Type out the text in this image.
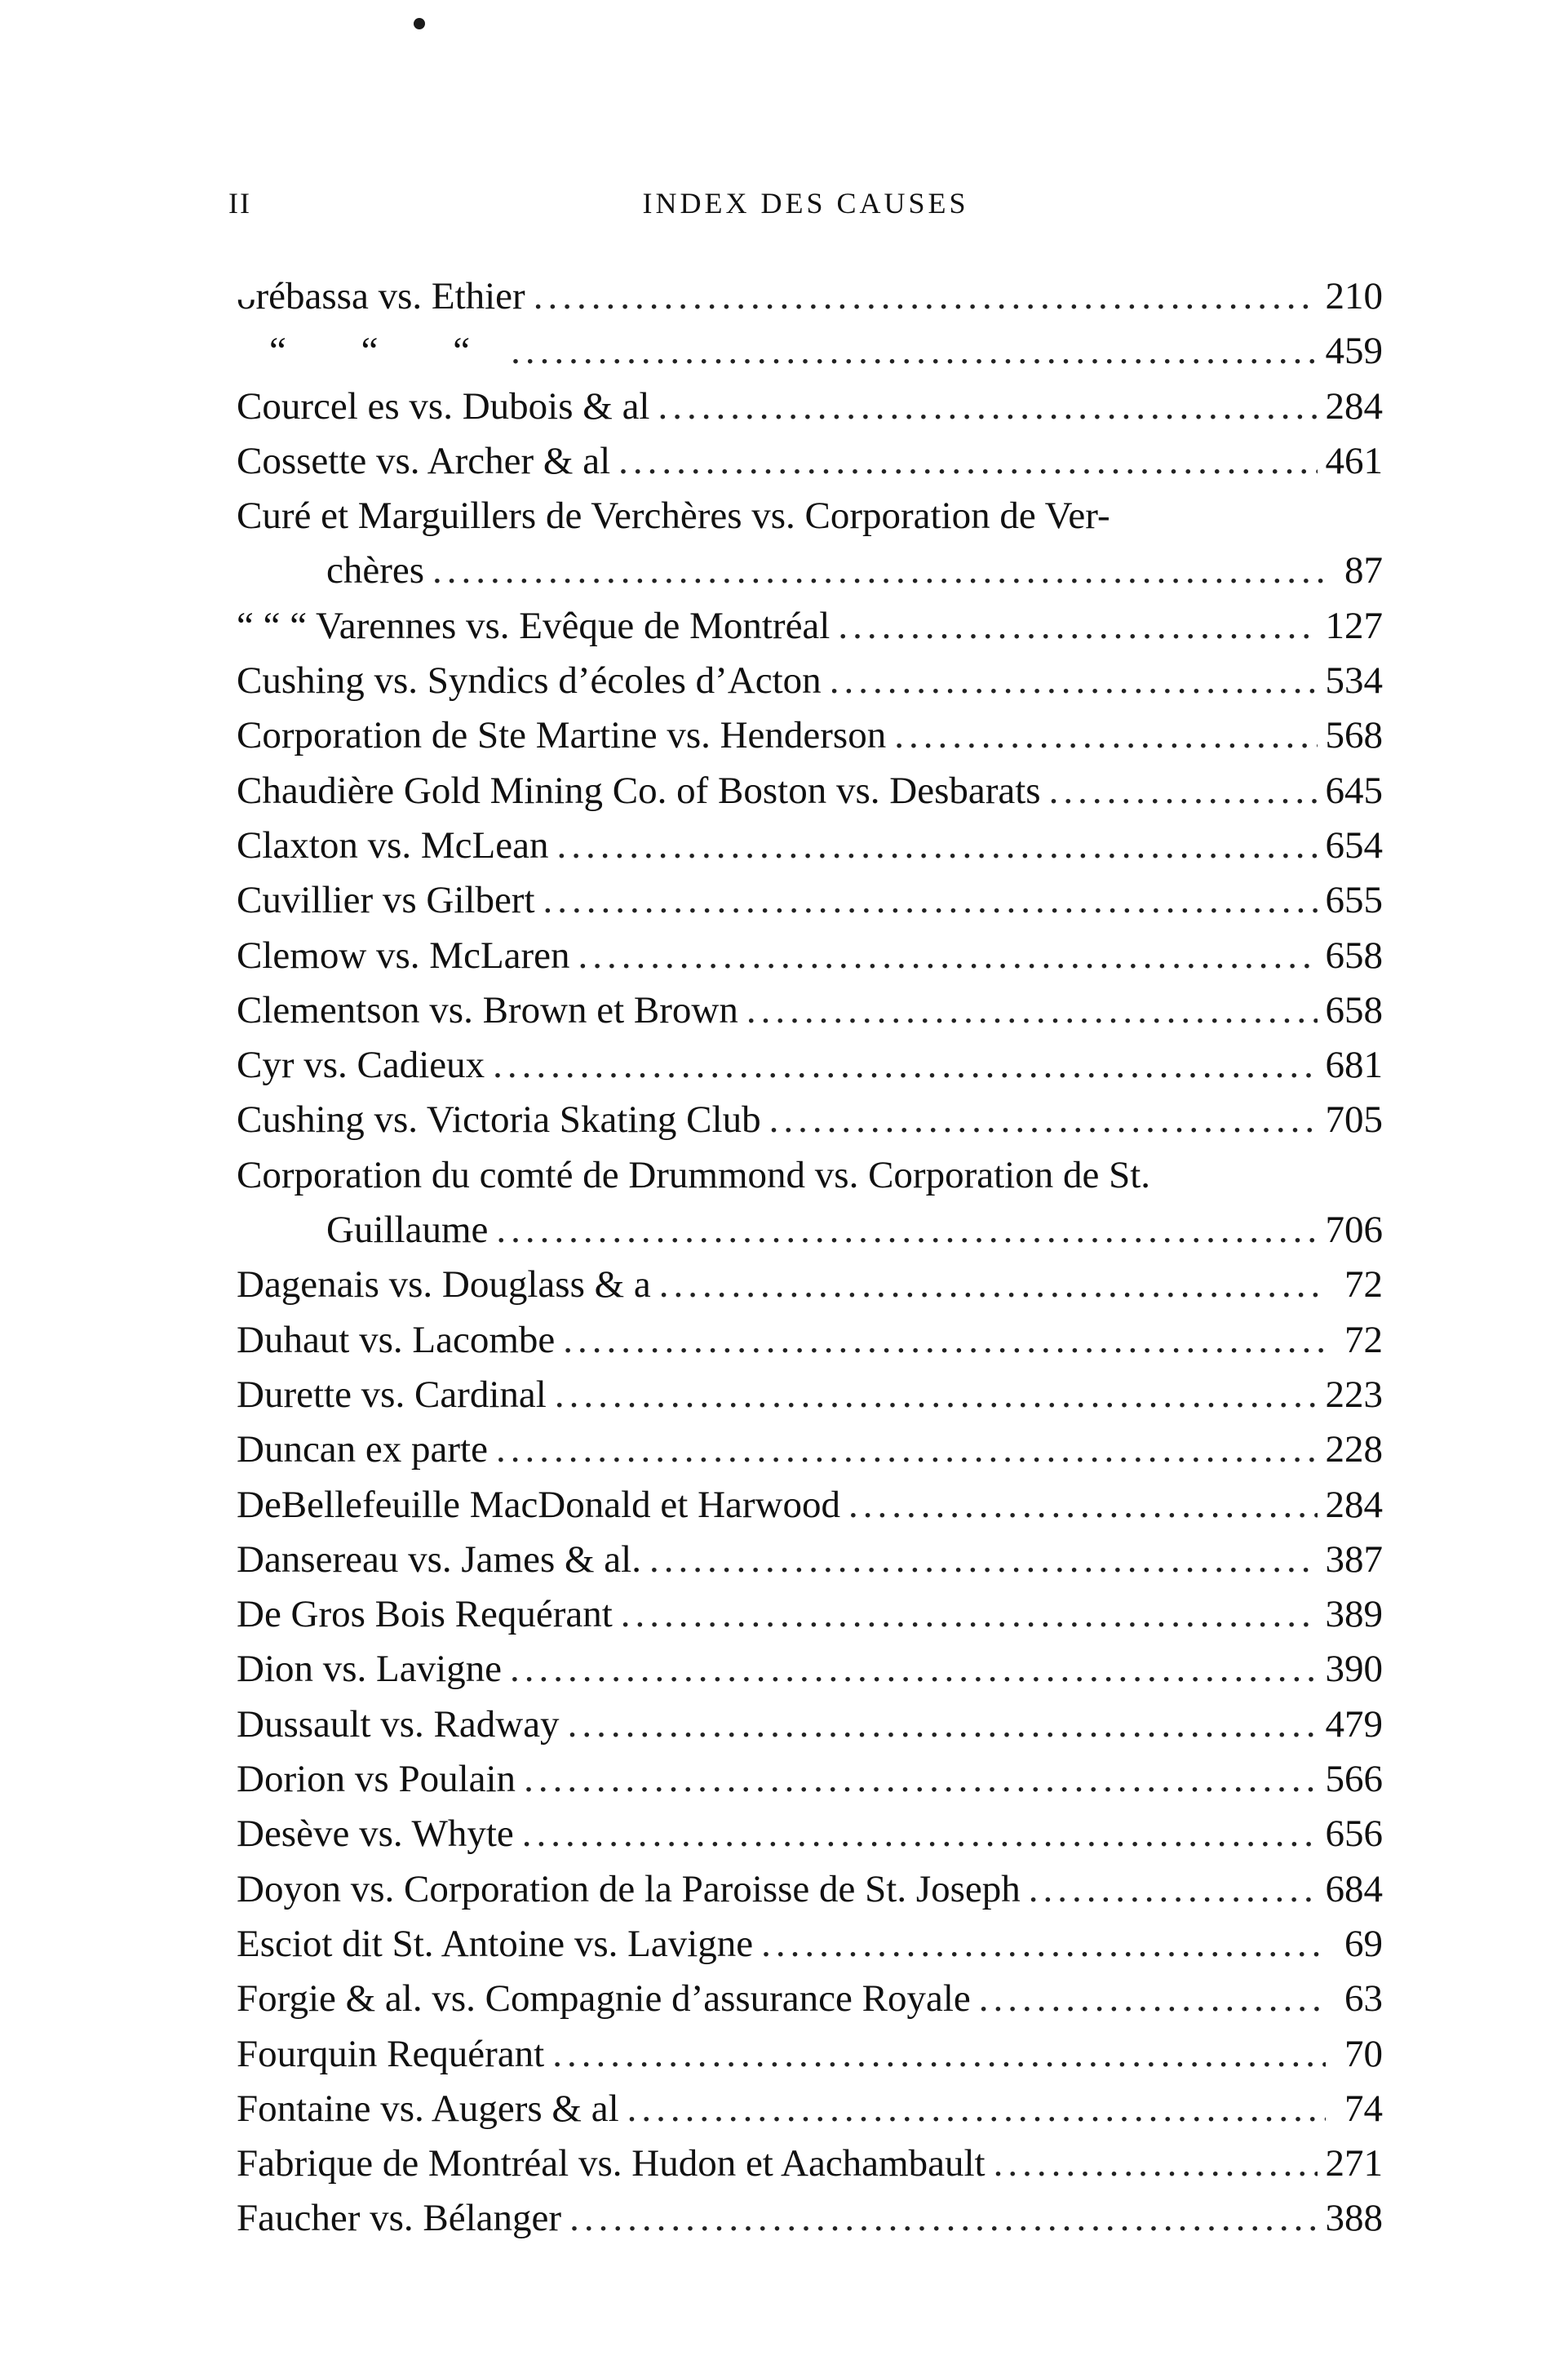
II	INDEX DES CAUSES
ᴗrébassa vs. Ethier .....	210
“ “ “ .....	459
Courcel es vs. Dubois & al .....	284
Cossette vs. Archer & al .....	461
Curé et Marguillers de Verchères vs. Corporation de Ver-
chères .....	87
“ “ “ Varennes vs. Evêque de Montréal .....	127
Cushing vs. Syndics d’écoles d’Acton .....	534
Corporation de Ste Martine vs. Henderson .....	568
Chaudière Gold Mining Co. of Boston vs. Desbarats .....	645
Claxton vs. McLean .....	654
Cuvillier vs Gilbert .....	655
Clemow vs. McLaren .....	658
Clementson vs. Brown et Brown .....	658
Cyr vs. Cadieux .....	681
Cushing vs. Victoria Skating Club .....	705
Corporation du comté de Drummond vs. Corporation de St.
Guillaume .....	706
Dagenais vs. Douglass & a .....	72
Duhaut vs. Lacombe .....	72
Durette vs. Cardinal .....	223
Duncan ex parte .....	228
DeBellefeuille MacDonald et Harwood .....	284
Dansereau vs. James & al. .....	387
De Gros Bois Requérant .....	389
Dion vs. Lavigne .....	390
Dussault vs. Radway .....	479
Dorion vs Poulain .....	566
Desève vs. Whyte .....	656
Doyon vs. Corporation de la Paroisse de St. Joseph .....	684
Esciot dit St. Antoine vs. Lavigne .....	69
Forgie & al. vs. Compagnie d’assurance Royale .....	63
Fourquin Requérant .....	70
Fontaine vs. Augers & al .....	74
Fabrique de Montréal vs. Hudon et Aachambault .....	271
Faucher vs. Bélanger .....	388
